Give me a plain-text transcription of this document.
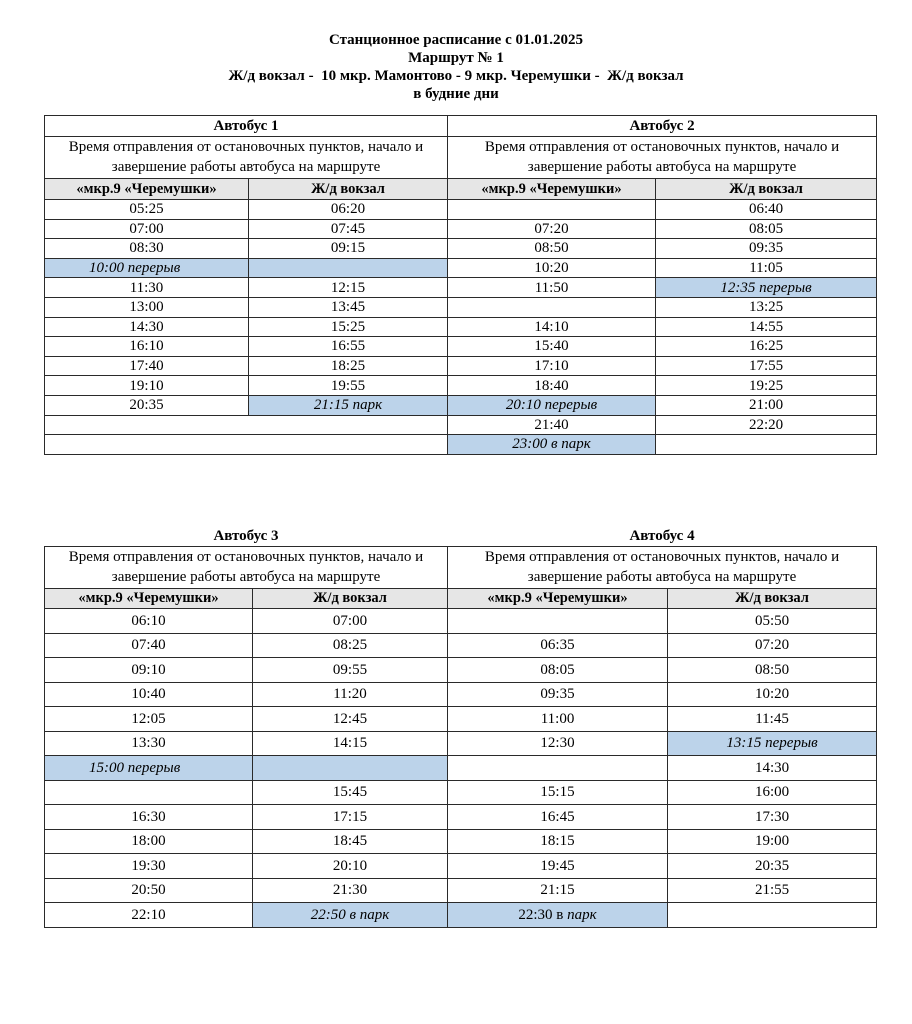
Станционное расписание с 01.01.2025
Маршрут № 1
Ж/д вокзал -  10 мкр. Мамонтово - 9 мкр. Черемушки -  Ж/д вокзал
в будние дни
Автобус 1		Автобус 2	
Время отправления от остановочных пунктов, начало и завершение работы автобуса на маршруте		Время отправления от остановочных пунктов, начало и завершение работы автобуса на маршруте	
«мкр.9 «Черемушки»	Ж/д вокзал	«мкр.9 «Черемушки»	Ж/д вокзал
05:25	06:20		06:40
07:00	07:45	07:20	08:05
08:30	09:15	08:50	09:35
10:00 перерыв		10:20	11:05
11:30	12:15	11:50	12:35 перерыв
13:00	13:45		13:25
14:30	15:25	14:10	14:55
16:10	16:55	15:40	16:25
17:40	18:25	17:10	17:55
19:10	19:55	18:40	19:25
20:35	21:15 парк	20:10 перерыв	21:00
		21:40	22:20
		23:00 в парк	
Автобус 3		Автобус 4	
Время отправления от остановочных пунктов, начало и завершение работы автобуса на маршруте		Время отправления от остановочных пунктов, начало и завершение работы автобуса на маршруте	
«мкр.9 «Черемушки»	Ж/д вокзал	«мкр.9 «Черемушки»	Ж/д вокзал
06:10	07:00		05:50
07:40	08:25	06:35	07:20
09:10	09:55	08:05	08:50
10:40	11:20	09:35	10:20
12:05	12:45	11:00	11:45
13:30	14:15	12:30	13:15 перерыв
15:00 перерыв			14:30
	15:45	15:15	16:00
16:30	17:15	16:45	17:30
18:00	18:45	18:15	19:00
19:30	20:10	19:45	20:35
20:50	21:30	21:15	21:55
22:10	22:50 в парк	22:30 в парк	
